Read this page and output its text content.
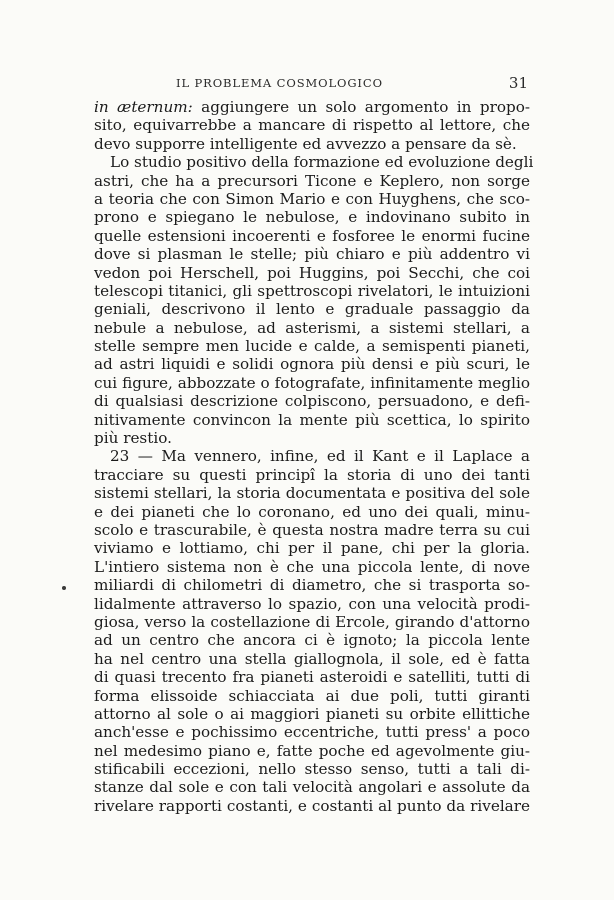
IL PROBLEMA COSMOLOGICO	31
in æternum: aggiungere un solo argomento in propo-
sito, equivarrebbe a mancare di rispetto al lettore, che
devo supporre intelligente ed avvezzo a pensare da sè.
Lo studio positivo della formazione ed evoluzione degli
astri, che ha a precursori Ticone e Keplero, non sorge
a teoria che con Simon Mario e con Huyghens, che sco-
prono e spiegano le nebulose, e indovinano subito in
quelle estensioni incoerenti e fosforee le enormi fucine
dove si plasman le stelle; più chiaro e più addentro vi
vedon poi Herschell, poi Huggins, poi Secchi, che coi
telescopi titanici, gli spettroscopi rivelatori, le intuizioni
geniali, descrivono il lento e graduale passaggio da
nebule a nebulose, ad asterismi, a sistemi stellari, a
stelle sempre men lucide e calde, a semispenti pianeti,
ad astri liquidi e solidi ognora più densi e più scuri, le
cui figure, abbozzate o fotografate, infinitamente meglio
di qualsiasi descrizione colpiscono, persuadono, e defi-
nitivamente convincon la mente più scettica, lo spirito
più restio.
23 — Ma vennero, infine, ed il Kant e il Laplace a
tracciare su questi principî la storia di uno dei tanti
sistemi stellari, la storia documentata e positiva del sole
e dei pianeti che lo coronano, ed uno dei quali, minu-
scolo e trascurabile, è questa nostra madre terra su cui
viviamo e lottiamo, chi per il pane, chi per la gloria.
L'intiero sistema non è che una piccola lente, di nove
miliardi di chilometri di diametro, che si trasporta so-
lidalmente attraverso lo spazio, con una velocità prodi-
giosa, verso la costellazione di Ercole, girando d'attorno
ad un centro che ancora ci è ignoto; la piccola lente
ha nel centro una stella giallognola, il sole, ed è fatta
di quasi trecento fra pianeti asteroidi e satelliti, tutti di
forma elissoide schiacciata ai due poli, tutti giranti
attorno al sole o ai maggiori pianeti su orbite ellittiche
anch'esse e pochissimo eccentriche, tutti press' a poco
nel medesimo piano e, fatte poche ed agevolmente giu-
stificabili eccezioni, nello stesso senso, tutti a tali di-
stanze dal sole e con tali velocità angolari e assolute da
rivelare rapporti costanti, e costanti al punto da rivelare
